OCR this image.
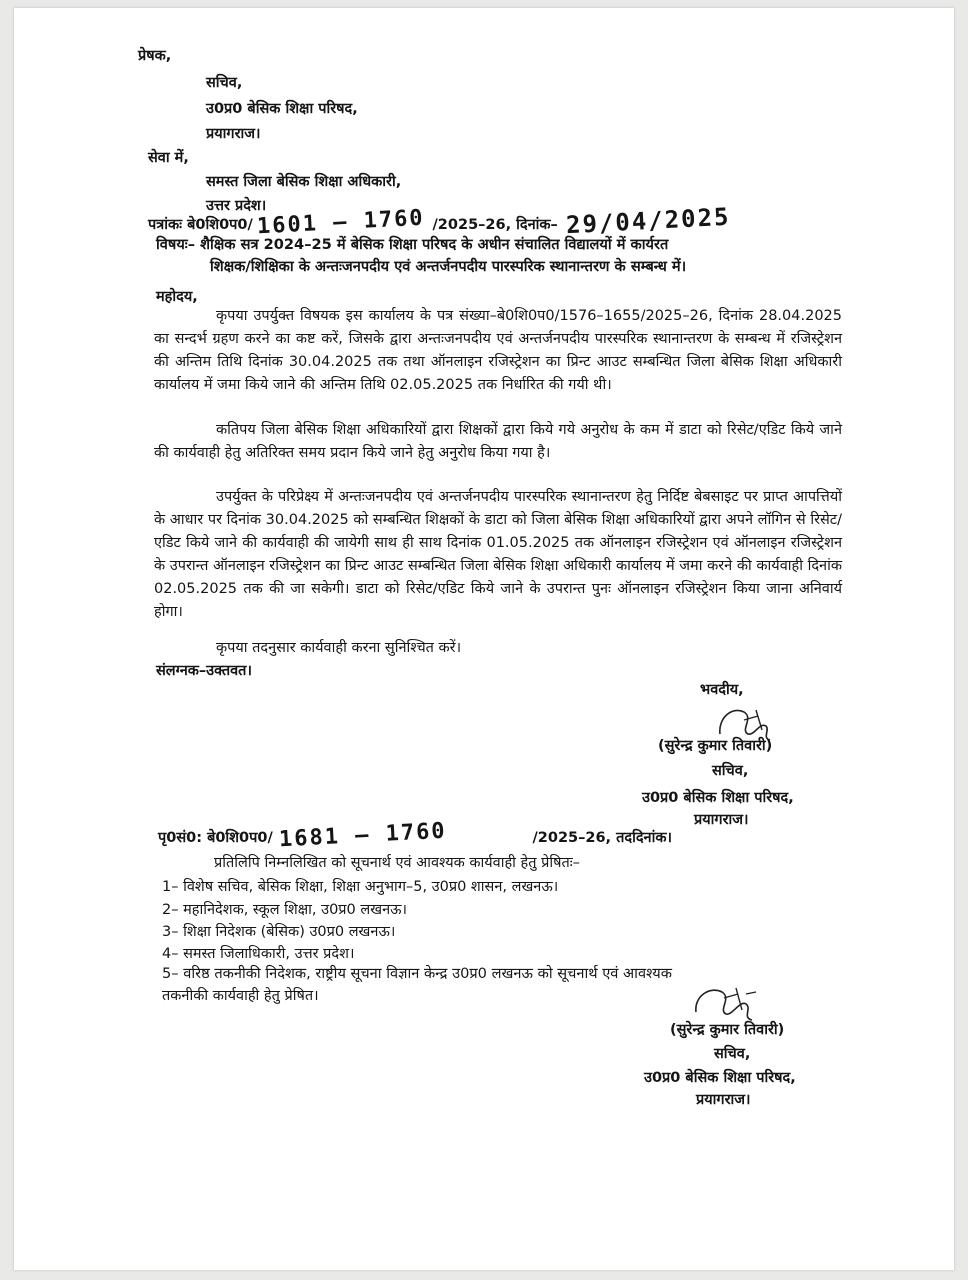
प्रेषक,
सचिव,
उ0प्र0 बेसिक शिक्षा परिषद,
प्रयागराज।
सेवा में,
समस्त जिला बेसिक शिक्षा अधिकारी,
उत्तर प्रदेश।
पत्रांकः बे0शि0प0/ 1601 — 1760 /2025–26, दिनांक– 29/04/2025
विषयः– शैक्षिक सत्र 2024–25 में बेसिक शिक्षा परिषद के अधीन संचालित विद्यालयों में कार्यरत
शिक्षक/शिक्षिका के अन्तःजनपदीय एवं अन्तर्जनपदीय पारस्परिक स्थानान्तरण के सम्बन्ध में।
महोदय,

कृपया उपर्युक्त विषयक इस कार्यालय के पत्र संख्या–बे0शि0प0/1576–1655/2025–26, दिनांक 28.04.2025 का सन्दर्भ ग्रहण करने का कष्ट करें, जिसके द्वारा अन्तःजनपदीय एवं अन्तर्जनपदीय पारस्परिक स्थानान्तरण के सम्बन्ध में रजिस्ट्रेशन की अन्तिम तिथि दिनांक 30.04.2025 तक तथा ऑनलाइन रजिस्ट्रेशन का प्रिन्ट आउट सम्बन्धित जिला बेसिक शिक्षा अधिकारी कार्यालय में जमा किये जाने की अन्तिम तिथि 02.05.2025 तक निर्धारित की गयी थी।

कतिपय जिला बेसिक शिक्षा अधिकारियों द्वारा शिक्षकों द्वारा किये गये अनुरोध के कम में डाटा को रिसेट/एडिट किये जाने की कार्यवाही हेतु अतिरिक्त समय प्रदान किये जाने हेतु अनुरोध किया गया है।

उपर्युक्त के परिप्रेक्ष्य में अन्तःजनपदीय एवं अन्तर्जनपदीय पारस्परिक स्थानान्तरण हेतु निर्दिष्ट बेबसाइट पर प्राप्त आपत्तियों के आधार पर दिनांक 30.04.2025 को सम्बन्धित शिक्षकों के डाटा को जिला बेसिक शिक्षा अधिकारियों द्वारा अपने लॉगिन से रिसेट/एडिट किये जाने की कार्यवाही की जायेगी साथ ही साथ दिनांक 01.05.2025 तक ऑनलाइन रजिस्ट्रेशन एवं ऑनलाइन रजिस्ट्रेशन के उपरान्त ऑनलाइन रजिस्ट्रेशन का प्रिन्ट आउट सम्बन्धित जिला बेसिक शिक्षा अधिकारी कार्यालय में जमा करने की कार्यवाही दिनांक 02.05.2025 तक की जा सकेगी। डाटा को रिसेट/एडिट किये जाने के उपरान्त पुनः ऑनलाइन रजिस्ट्रेशन किया जाना अनिवार्य होगा।

कृपया तदनुसार कार्यवाही करना सुनिश्चित करें।
संलग्नक–उक्तवत।
भवदीय,
(सुरेन्द्र कुमार तिवारी)
सचिव,
उ0प्र0 बेसिक शिक्षा परिषद,
प्रयागराज।
पृ0सं0: बे0शि0प0/ 1681 — 1760	/2025–26, तददिनांक।
प्रतिलिपि निम्नलिखित को सूचनार्थ एवं आवश्यक कार्यवाही हेतु प्रेषितः–
1– विशेष सचिव, बेसिक शिक्षा, शिक्षा अनुभाग–5, उ0प्र0 शासन, लखनऊ।
2– महानिदेशक, स्कूल शिक्षा, उ0प्र0 लखनऊ।
3– शिक्षा निदेशक (बेसिक) उ0प्र0 लखनऊ।
4– समस्त जिलाधिकारी, उत्तर प्रदेश।
5– वरिष्ठ तकनीकी निदेशक, राष्ट्रीय सूचना विज्ञान केन्द्र उ0प्र0 लखनऊ को सूचनार्थ एवं आवश्यक
तकनीकी कार्यवाही हेतु प्रेषित।
(सुरेन्द्र कुमार तिवारी)
सचिव,
उ0प्र0 बेसिक शिक्षा परिषद,
प्रयागराज।
